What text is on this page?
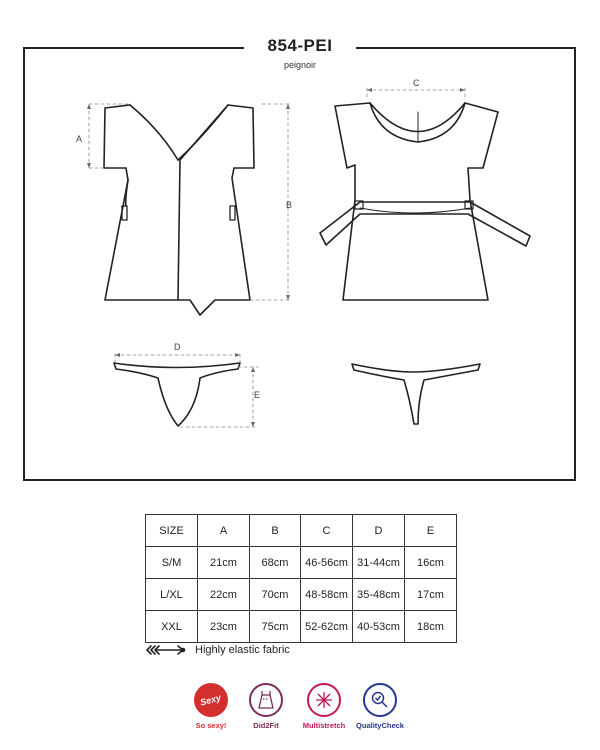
854-PEI
peignoir
A
B
C
D
E
SIZE	A	B	C	D	E
S/M	21cm	68cm	46-56cm	31-44cm	16cm
L/XL	22cm	70cm	48-58cm	35-48cm	17cm
XXL	23cm	75cm	52-62cm	40-53cm	18cm
Highly elastic fabric
Sexy
So sexy!	Did2Fit	Multistretch	QualityCheck
